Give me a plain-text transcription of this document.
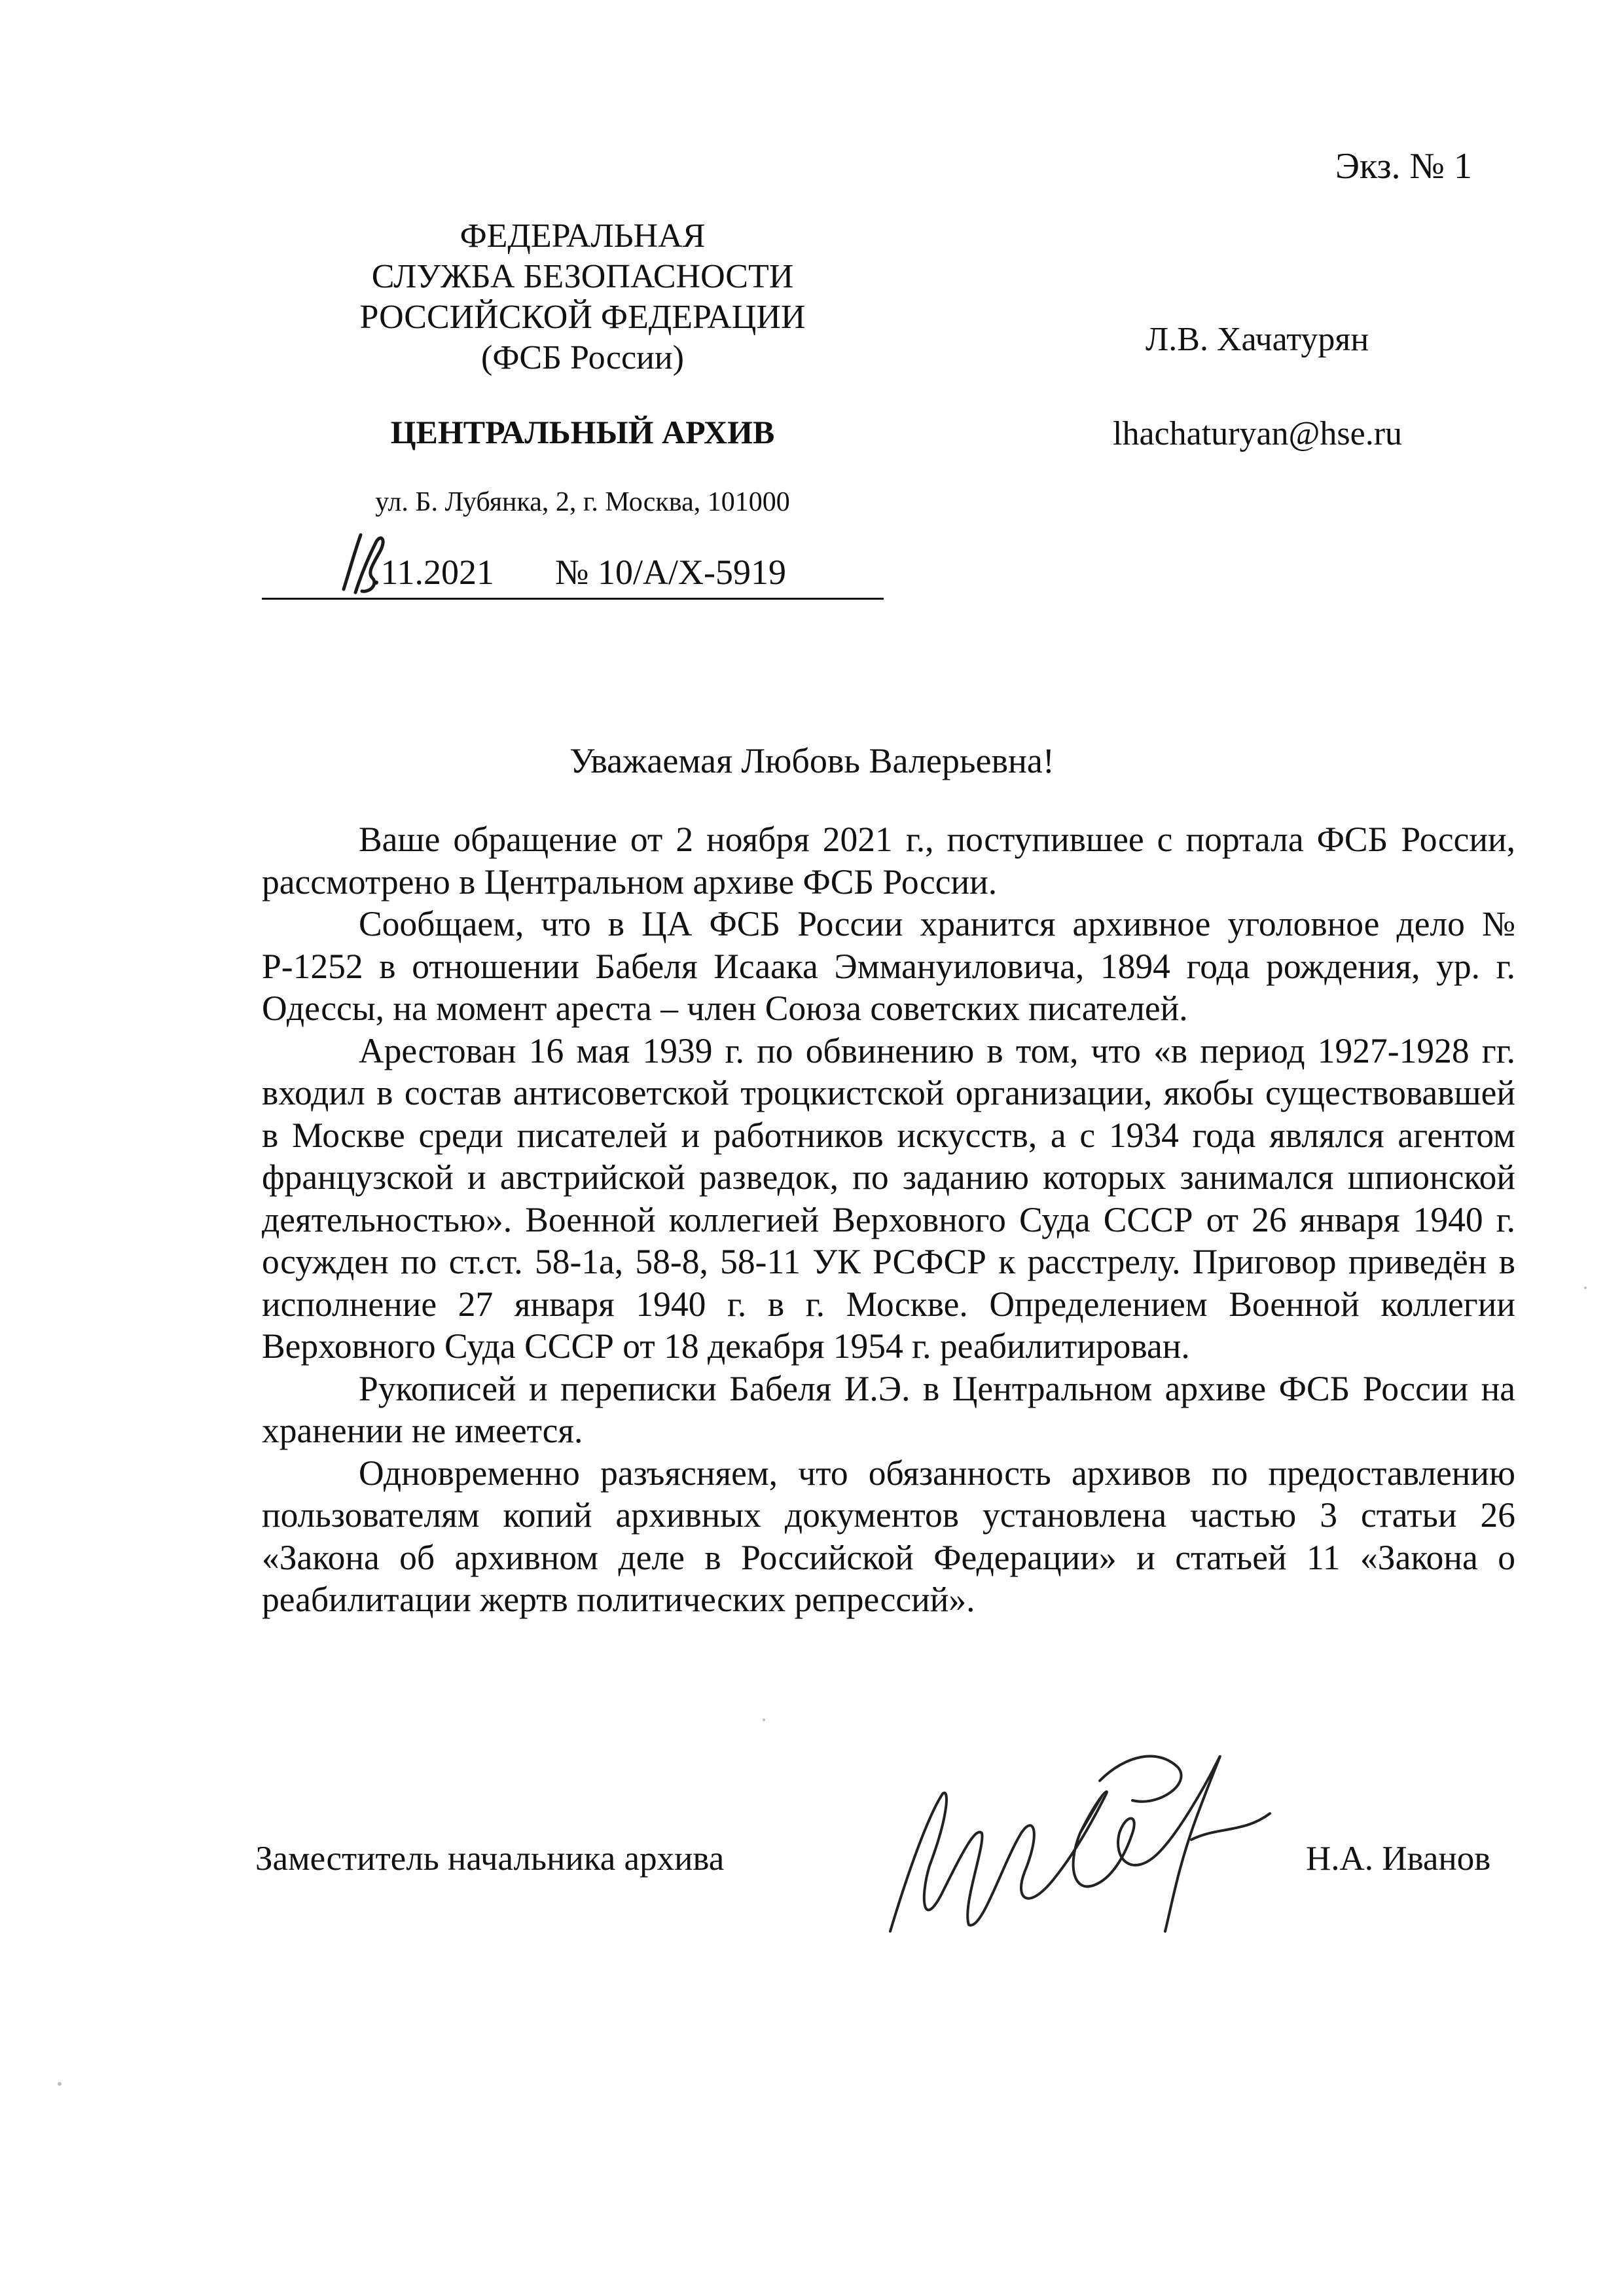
Экз. № 1
ФЕДЕРАЛЬНАЯ
СЛУЖБА БЕЗОПАСНОСТИ
РОССИЙСКОЙ ФЕДЕРАЦИИ
(ФСБ России)
ЦЕНТРАЛЬНЫЙ АРХИВ
ул. Б. Лубянка, 2, г. Москва, 101000
.11.2021 № 10/А/Х-5919
Л.В. Хачатурян
lhachaturyan@hse.ru
Уважаемая Любовь Валерьевна!

Ваше обращение от 2 ноября 2021 г., поступившее с портала ФСБ России, рассмотрено в Центральном архиве ФСБ России.

Сообщаем, что в ЦА ФСБ России хранится архивное уголовное дело № Р-1252 в отношении Бабеля Исаака Эммануиловича, 1894 года рождения, ур. г. Одессы, на момент ареста – член Союза советских писателей.

Арестован 16 мая 1939 г. по обвинению в том, что «в период 1927-1928 гг. входил в состав антисоветской троцкистской организации, якобы существовавшей в Москве среди писателей и работников искусств, а с 1934 года являлся агентом французской и австрийской разведок, по заданию которых занимался шпионской деятельностью». Военной коллегией Верховного Суда СССР от 26 января 1940 г. осужден по ст.ст. 58-1а, 58-8, 58-11 УК РСФСР к расстрелу. Приговор приведён в исполнение 27 января 1940 г. в г. Москве. Определением Военной коллегии Верховного Суда СССР от 18 декабря 1954 г. реабилитирован.

Рукописей и переписки Бабеля И.Э. в Центральном архиве ФСБ России на хранении не имеется.

Одновременно разъясняем, что обязанность архивов по предоставлению пользователям копий архивных документов установлена частью 3 статьи 26 «Закона об архивном деле в Российской Федерации» и статьей 11 «Закона о реабилитации жертв политических репрессий».

Заместитель начальника архива	Н.А. Иванов
